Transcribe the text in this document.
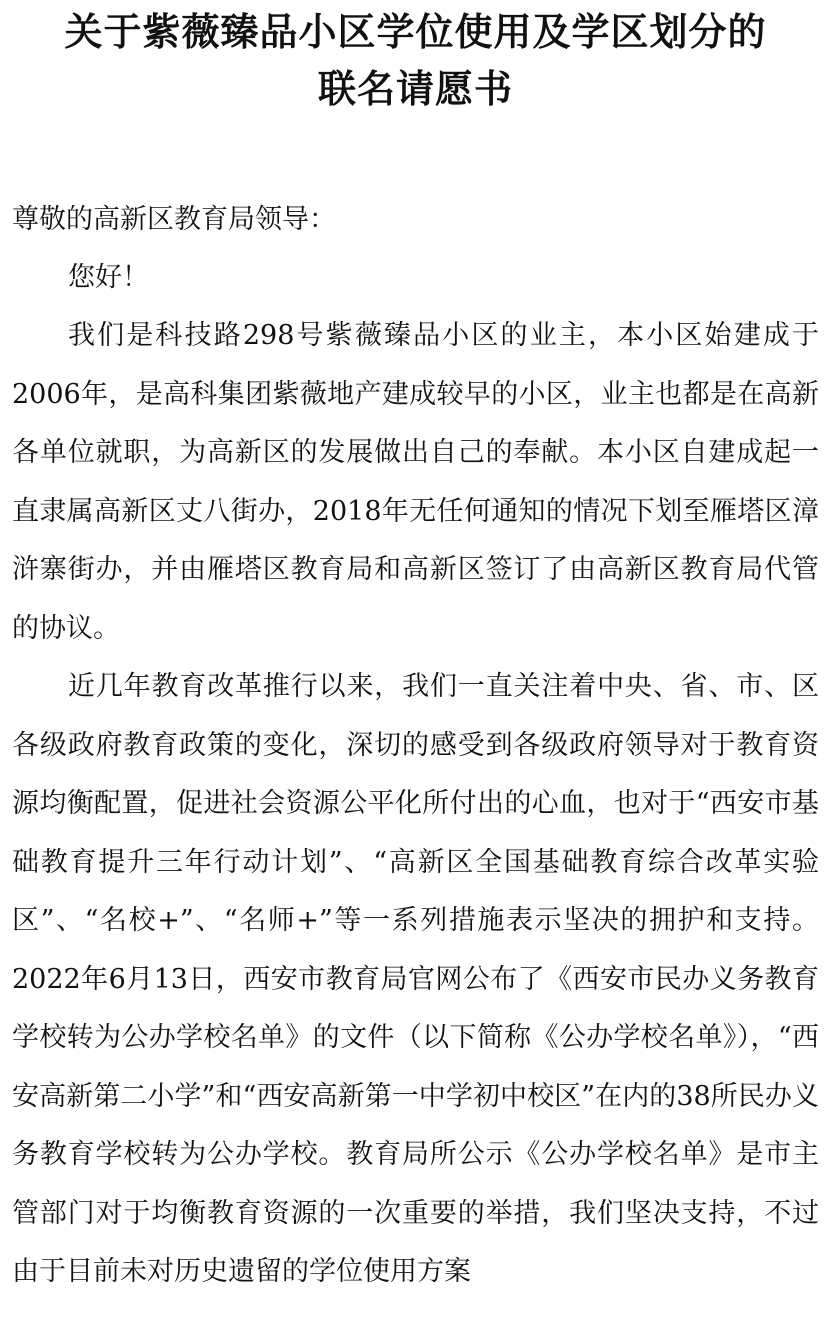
关于紫薇臻品小区学位使用及学区划分的
联名请愿书

尊敬的高新区教育局领导：

您好！

我们是科技路298号紫薇臻品小区的业主，本小区始建成于2006年，是高科集团紫薇地产建成较早的小区，业主也都是在高新各单位就职，为高新区的发展做出自己的奉献。本小区自建成起一直隶属高新区丈八街办，2018年无任何通知的情况下划至雁塔区漳浒寨街办，并由雁塔区教育局和高新区签订了由高新区教育局代管的协议。

近几年教育改革推行以来，我们一直关注着中央、省、市、区各级政府教育政策的变化，深切的感受到各级政府领导对于教育资源均衡配置，促进社会资源公平化所付出的心血，也对于“西安市基础教育提升三年行动计划”、“高新区全国基础教育综合改革实验区”、“名校+”、“名师+”等一系列措施表示坚决的拥护和支持。2022年6月13日，西安市教育局官网公布了《西安市民办义务教育学校转为公办学校名单》的文件（以下简称《公办学校名单》），“西安高新第二小学”和“西安高新第一中学初中校区”在内的38所民办义务教育学校转为公办学校。教育局所公示《公办学校名单》是市主管部门对于均衡教育资源的一次重要的举措，我们坚决支持，不过由于目前未对历史遗留的学位使用方案
